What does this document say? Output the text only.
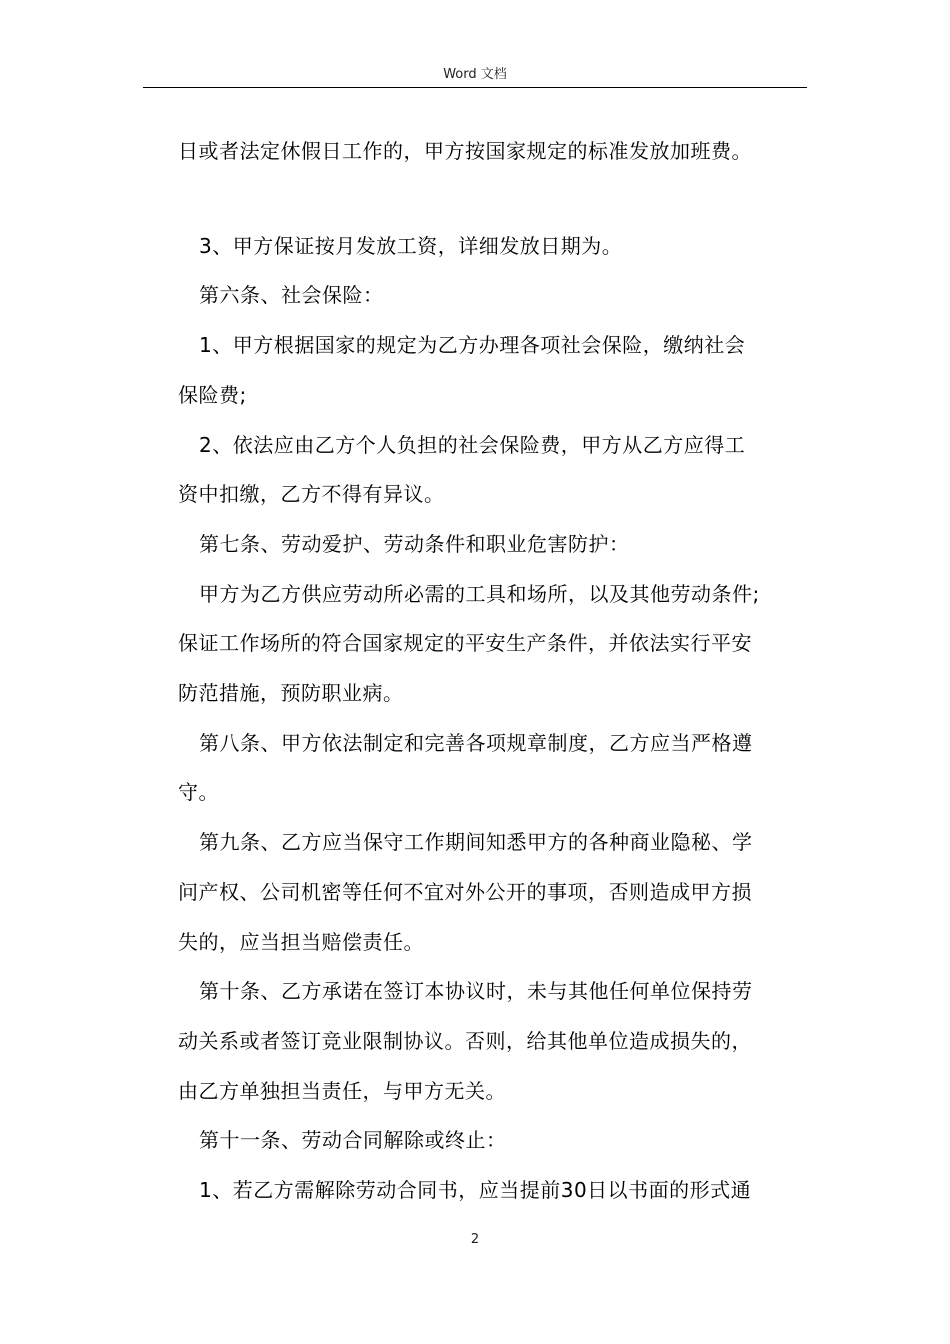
Word 文档

日或者法定休假日工作的，甲方按国家规定的标准发放加班费。

3、甲方保证按月发放工资，详细发放日期为。

第六条、社会保险：

1、甲方根据国家的规定为乙方办理各项社会保险，缴纳社会

保险费;

2、依法应由乙方个人负担的社会保险费，甲方从乙方应得工

资中扣缴，乙方不得有异议。

第七条、劳动爱护、劳动条件和职业危害防护：

甲方为乙方供应劳动所必需的工具和场所，以及其他劳动条件;

保证工作场所的符合国家规定的平安生产条件，并依法实行平安

防范措施，预防职业病。

第八条、甲方依法制定和完善各项规章制度，乙方应当严格遵

守。

第九条、乙方应当保守工作期间知悉甲方的各种商业隐秘、学

问产权、公司机密等任何不宜对外公开的事项，否则造成甲方损

失的，应当担当赔偿责任。

第十条、乙方承诺在签订本协议时，未与其他任何单位保持劳

动关系或者签订竞业限制协议。否则，给其他单位造成损失的，

由乙方单独担当责任，与甲方无关。

第十一条、劳动合同解除或终止：

1、若乙方需解除劳动合同书，应当提前30日以书面的形式通

2
